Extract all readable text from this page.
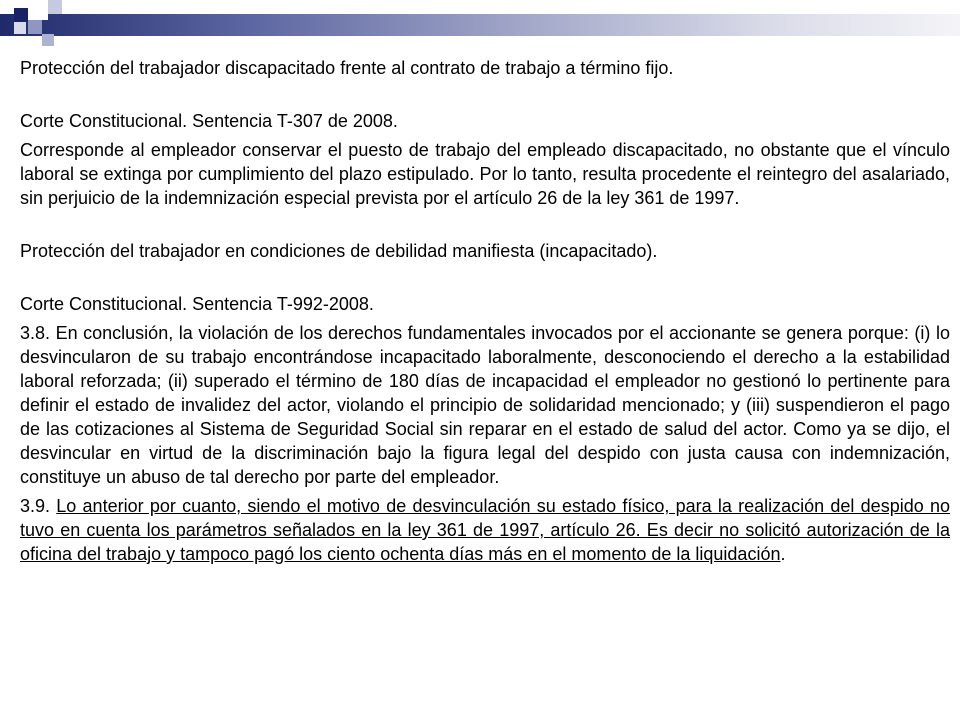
Protección del trabajador discapacitado frente al contrato de trabajo a término fijo.

Corte Constitucional. Sentencia T-307 de 2008.

Corresponde al empleador conservar el puesto de trabajo del empleado discapacitado, no obstante que el vínculo laboral se extinga por cumplimiento del plazo estipulado. Por lo tanto, resulta procedente el reintegro del asalariado, sin perjuicio de la indemnización especial prevista por el artículo 26 de la ley 361 de 1997.

Protección del trabajador en condiciones de debilidad manifiesta (incapacitado).

Corte Constitucional. Sentencia T-992-2008.

3.8. En conclusión, la violación de los derechos fundamentales invocados por el accionante se genera porque: (i) lo desvincularon de su trabajo encontrándose incapacitado laboralmente, desconociendo el derecho a la estabilidad laboral reforzada; (ii) superado el término de 180 días de incapacidad el empleador no gestionó lo pertinente para definir el estado de invalidez del actor, violando el principio de solidaridad mencionado; y (iii) suspendieron el pago de las cotizaciones al Sistema de Seguridad Social sin reparar en el estado de salud del actor. Como ya se dijo, el desvincular en virtud de la discriminación bajo la figura legal del despido con justa causa con indemnización, constituye un abuso de tal derecho por parte del empleador.

3.9. Lo anterior por cuanto, siendo el motivo de desvinculación su estado físico, para la realización del despido no tuvo en cuenta los parámetros señalados en la ley 361 de 1997, artículo 26. Es decir no solicitó autorización de la oficina del trabajo y tampoco pagó los ciento ochenta días más en el momento de la liquidación.
